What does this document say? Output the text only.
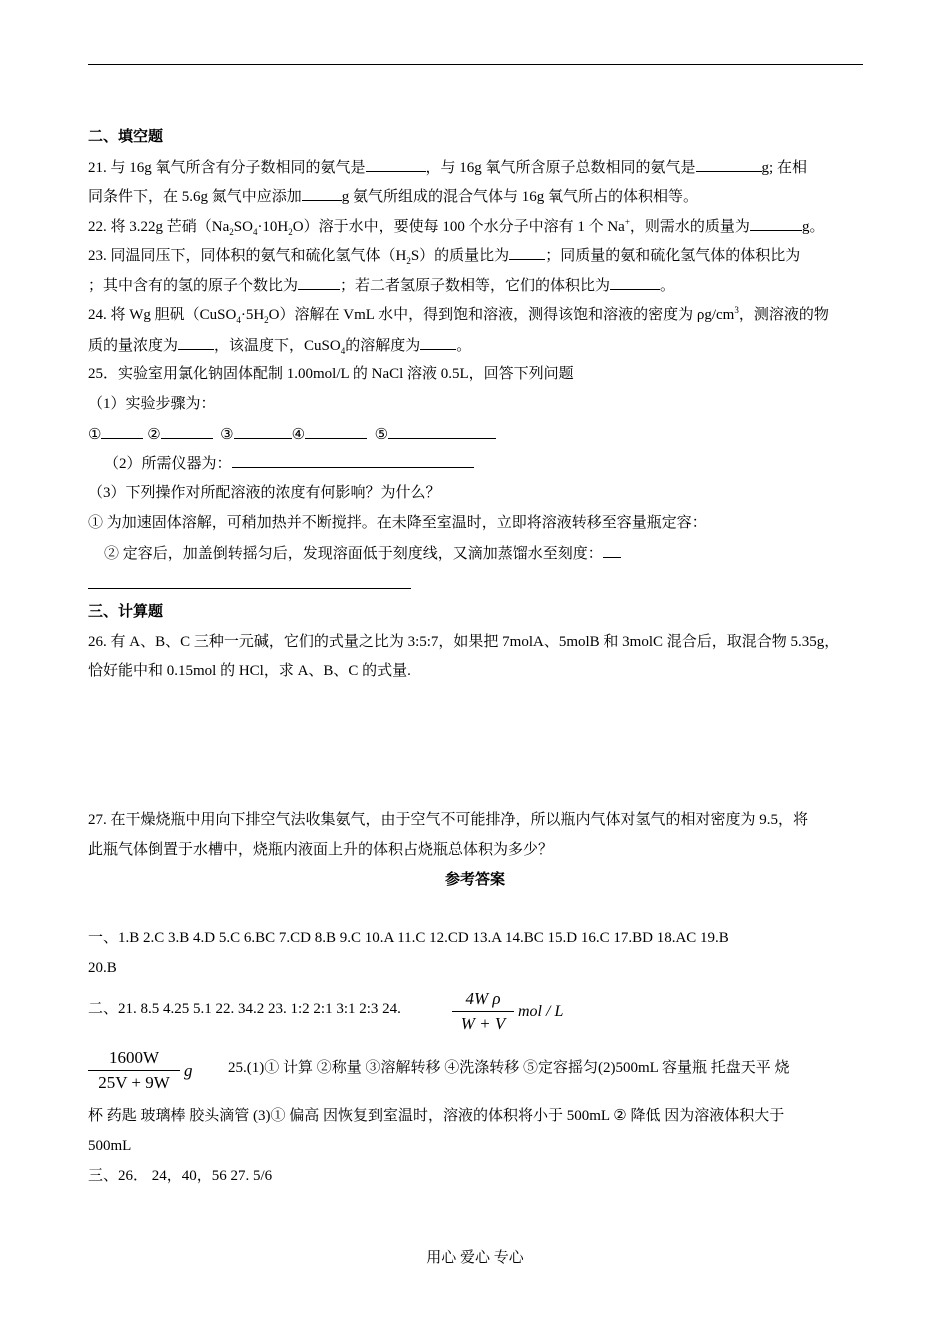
二、填空题
21. 与 16g 氧气所含有分子数相同的氨气是	，与 16g 氧气所含原子总数相同的氨气是	g; 在相
同条件下，在 5.6g 氮气中应添加	g 氨气所组成的混合气体与 16g 氧气所占的体积相等。
22. 将 3.22g 芒硝$(Na_2SO_4\cdot 10H_2O)$溶于水中，要使每 100 个水分子中溶有 1 个 Na+，则需水的质量为	g。
23. 同温同压下，同体积的氨气和硫化氢气体$(H_2S)$的质量比为 ；同质量的氨和硫化氢气体的体积比为
；其中含有的氢的原子个数比为	；若二者氢原子数相等，它们的体积比为	。
24. 将 Wg 胆矾$(CuSO_4\cdot 5H_2O)$溶解在 VmL 水中，得到饱和溶液，测得该饱和溶液的密度为 $\rho g/cm^3$，测溶液的物
质的量浓度为 ，该温度下，CuSO$_4$的溶解度为 。
25．实验室用氯化钠固体配制 1.00mol/L 的 NaCl 溶液 0.5L，回答下列问题
（1）实验步骤为：
①	②	③	④	⑤
（2）所需仪器为：
（3）下列操作对所配溶液的浓度有何影响？为什么？
① 为加速固体溶解，可稍加热并不断搅拌。在未降至室温时，立即将溶液转移至容量瓶定容：
② 定容后，加盖倒转摇匀后，发现溶面低于刻度线，又滴加蒸馏水至刻度：
三、计算题
26. 有 A、B、C 三种一元碱，它们的式量之比为 3:5:7，如果把 7molA、5molB 和 3molC 混合后，取混合物 5.35g，
恰好能中和 0.15mol 的 HCl，求 A、B、C 的式量.
27. 在干燥烧瓶中用向下排空气法收集氨气，由于空气不可能排净，所以瓶内气体对氢气的相对密度为 9.5，将
此瓶气体倒置于水槽中，烧瓶内液面上升的体积占烧瓶总体积为多少？
参考答案
一、1.B 2.C 3.B 4.D 5.C 6.BC 7.CD 8.B 9.C 10.A 11.C 12.CD 13.A 14.BC 15.D 16.C 17.BD 18.AC 19.B
20.B
二、21. 8.5 4.25 5.1 22. 34.2 23. 1:2 2:1 3:1 2:3 24.
4W ρ
W + V
mol / L
1600W
25V + 9W
g 25.(1)① 计算 ②称量 ③溶解转移 ④洗涤转移 ⑤定容摇匀(2)500mL 容量瓶 托盘天平 烧
杯 药匙 玻璃棒 胶头滴管 (3)① 偏高 因恢复到室温时，溶液的体积将小于 500mL ② 降低 因为溶液体积大于
500mL
三、26． 24，40，56 27. 5/6
用心 爱心 专心
